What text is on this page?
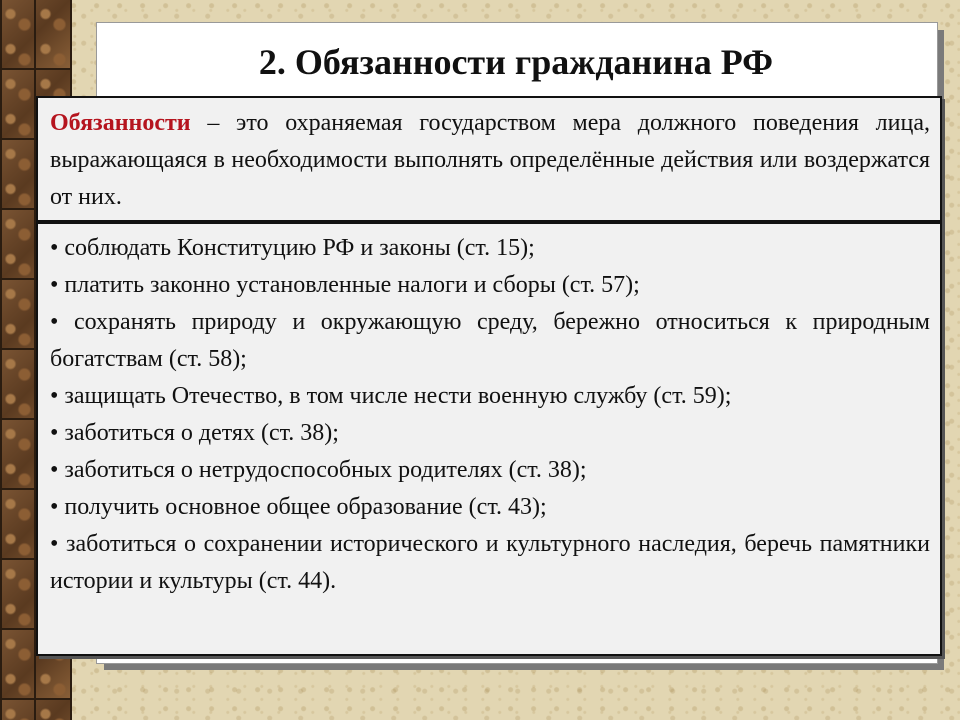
2. Обязанности гражданина РФ
Обязанности – это охраняемая государством мера должного поведения лица, выражающаяся в необходимости выполнять определённые действия или воздержатся от них.
• соблюдать Конституцию РФ и законы (ст. 15);
• платить законно установленные налоги и сборы (ст. 57);
• сохранять природу и окружающую среду, бережно относиться к природным богатствам (ст. 58);
• защищать Отечество, в том числе нести военную службу (ст. 59);
• заботиться о детях (ст. 38);
• заботиться о нетрудоспособных родителях (ст. 38);
• получить основное общее образование (ст. 43);
• заботиться о сохранении исторического и культурного наследия, беречь памятники истории и культуры (ст. 44).
